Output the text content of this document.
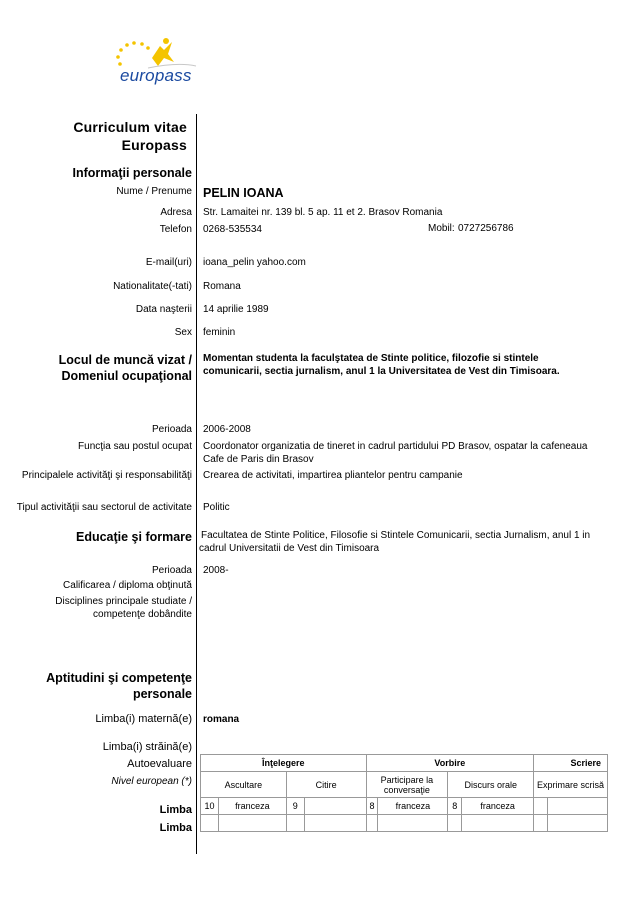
europass
Curriculum vitae
Europass
Informaţii personale
Nume / Prenume PELIN IOANA
Adresa Str. Lamaitei nr. 139 bl. 5 ap. 11 et 2. Brasov Romania
Telefon 0268-535534	Mobil: 0727256786
E-mail(uri) ioana_pelin yahoo.com
Nationalitate(-tati) Romana
Data naşterii 14 aprilie 1989
Sex feminin
Locul de muncă vizat /
Domeniul ocupaţional
Momentan studenta la faculştatea de Stinte politice, filozofie si stintele comunicarii, sectia jurnalism, anul 1 la Universitatea de Vest din Timisoara.
Perioada 2006-2008
Funcţia sau postul ocupat Coordonator organizatia de tineret in cadrul partidului PD Brasov, ospatar la cafeneaua Cafe de Paris din Brasov
Principalele activităţi şi responsabilităţi Crearea de activitati, impartirea pliantelor pentru campanie
Tipul activităţii sau sectorul de activitate Politic
Educaţie şi formare Facultatea de Stinte Politice, Filosofie si Stintele Comunicarii, sectia Jurnalism, anul 1 in cadrul Universitatii de Vest din Timisoara
Perioada 2008-
Calificarea / diploma obţinută
Disciplines principale studiate /
competenţe dobândite
Aptitudini şi competenţe
personale
Limba(i) maternă(e) romana
Limba(i) străină(e)
Autoevaluare
Nivel european (*)
Limba
Limba
Înţelegere				Vorbire				Scriere	
Ascultare		Citire		Participare la conversaţie		Discurs orale		Exprimare scrisă	
10	franceza	9		8	franceza	8	franceza		
